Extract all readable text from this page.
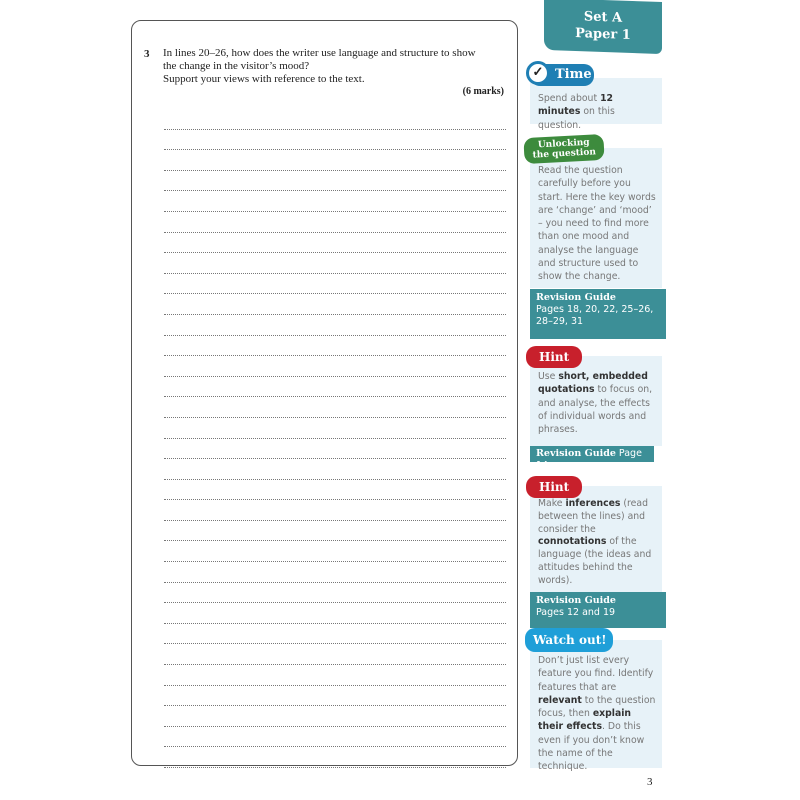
3 In lines 20–26, how does the writer use language and structure to show
the change in the visitor’s mood?
Support your views with reference to the text.
(6 marks)
Set A
Paper 1
Spend about 12 minutes on this question.
✓ Time
Read the question carefully before you start. Here the key words are ‘change’ and ‘mood’ – you need to find more than one mood and analyse the language and structure used to show the change.
Unlocking
the question
Revision Guide
Pages 18, 20, 22, 25–26, 28–29, 31
Use short, embedded quotations to focus on, and analyse, the effects of individual words and phrases.
Hint
Revision Guide Page 14
Make inferences (read between the lines) and consider the connotations of the language (the ideas and attitudes behind the words).
Hint
Revision Guide
Pages 12 and 19
Don’t just list every feature you find. Identify features that are relevant to the question focus, then explain their effects. Do this even if you don’t know the name of the technique.
Watch out!
3
